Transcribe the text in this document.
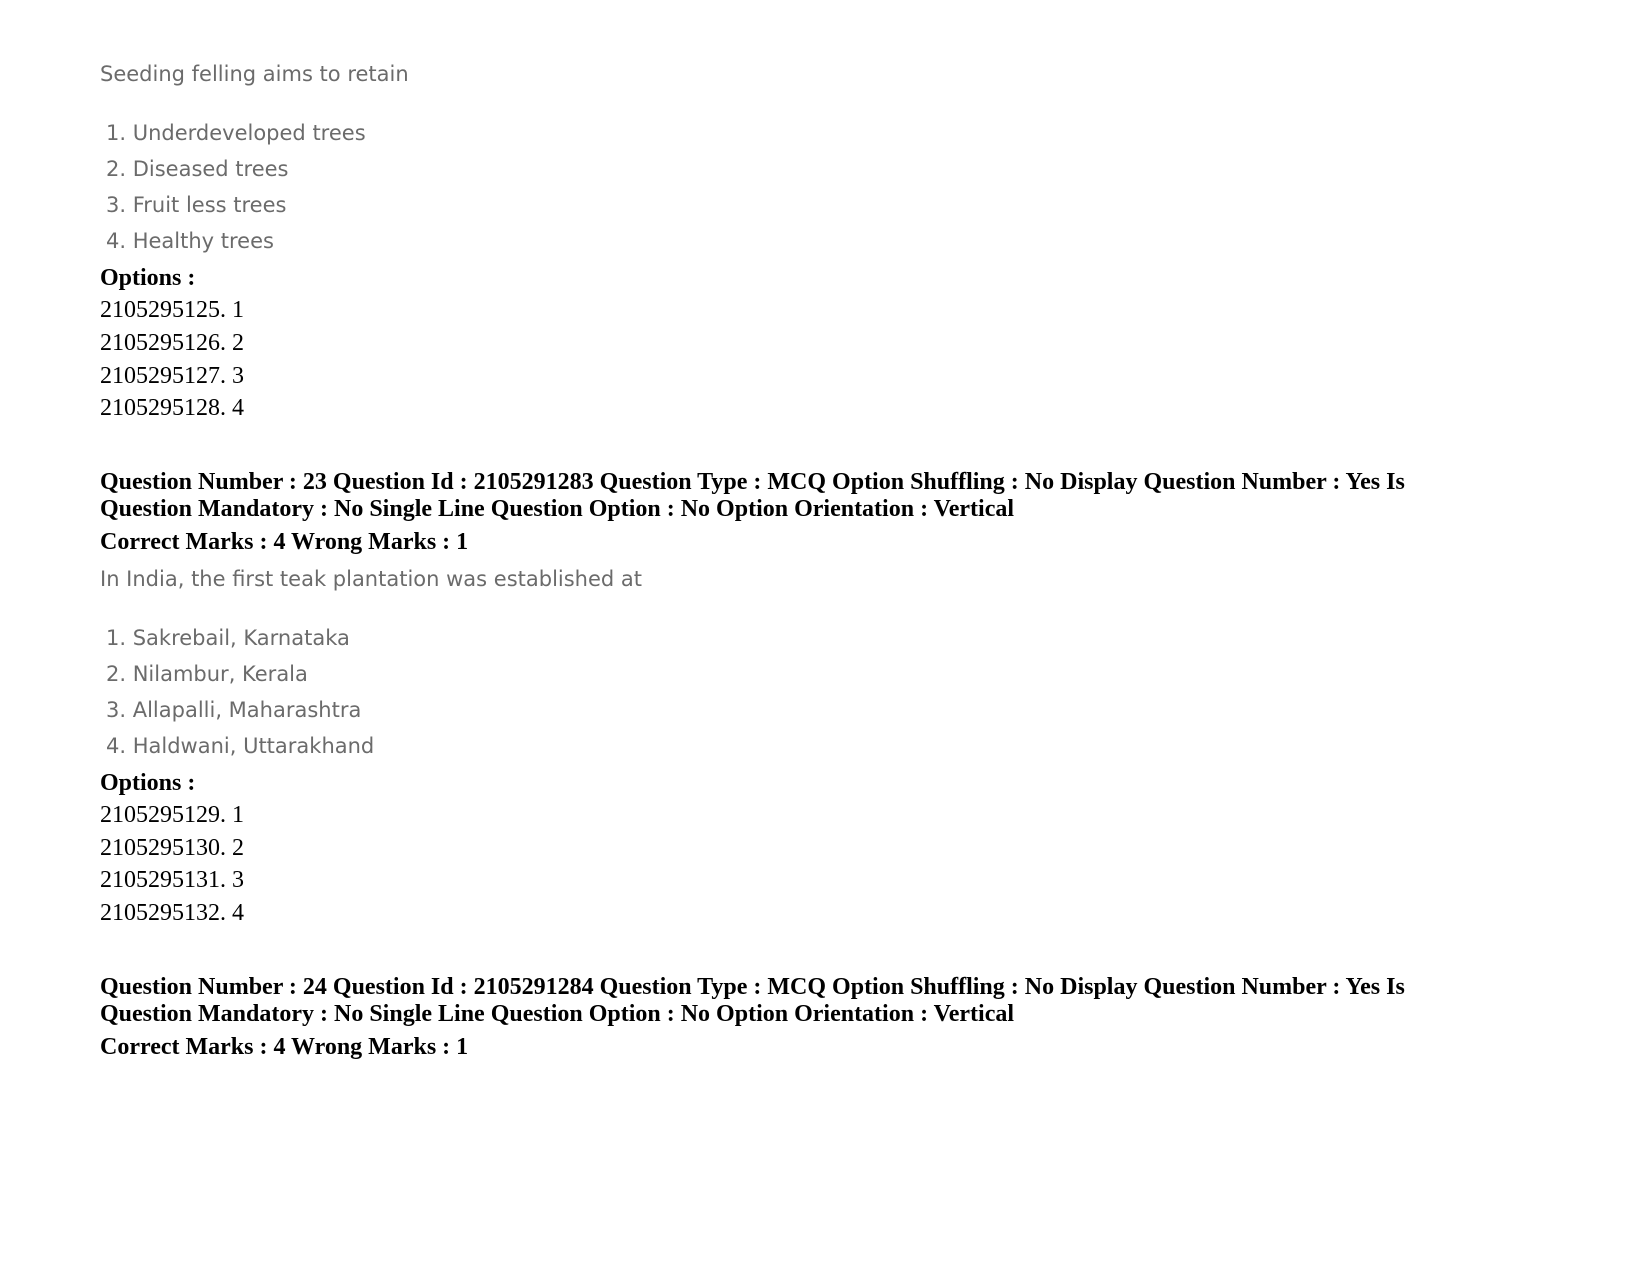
Seeding felling aims to retain
1. Underdeveloped trees
2. Diseased trees
3. Fruit less trees
4. Healthy trees
Options :
2105295125. 1
2105295126. 2
2105295127. 3
2105295128. 4
Question Number : 23 Question Id : 2105291283 Question Type : MCQ Option Shuffling : No Display Question Number : Yes Is
Question Mandatory : No Single Line Question Option : No Option Orientation : Vertical
Correct Marks : 4 Wrong Marks : 1
In India, the first teak plantation was established at
1. Sakrebail, Karnataka
2. Nilambur, Kerala
3. Allapalli, Maharashtra
4. Haldwani, Uttarakhand
Options :
2105295129. 1
2105295130. 2
2105295131. 3
2105295132. 4
Question Number : 24 Question Id : 2105291284 Question Type : MCQ Option Shuffling : No Display Question Number : Yes Is
Question Mandatory : No Single Line Question Option : No Option Orientation : Vertical
Correct Marks : 4 Wrong Marks : 1
